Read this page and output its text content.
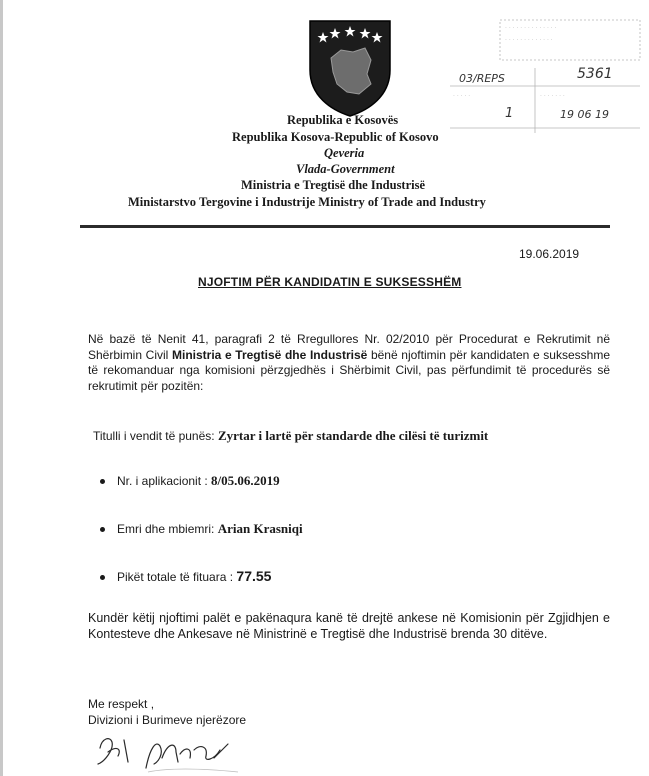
· · · · · · · · · · · · · ·
· · · · · · · · · · · · ·
· · · · ·	· · · · · · ·
03/REPS	5361
1	19 06 19
Republika e Kosovës
Republika Kosova-Republic of Kosovo
Qeveria
Vlada-Government
Ministria e Tregtisë dhe Industrisë
Ministarstvo Tergovine i Industrije Ministry of Trade and Industry
19.06.2019
NJOFTIM PËR KANDIDATIN E SUKSESSHËM
Në bazë të Nenit 41, paragrafi 2 të Rregullores Nr. 02/2010 për Procedurat e Rekrutimit në Shërbimin Civil Ministria e Tregtisë dhe Industrisë bënë njoftimin për kandidaten e suksesshme të rekomanduar nga komisioni përzgjedhës i Shërbimit Civil, pas përfundimit të procedurës së rekrutimit për pozitën:
Titulli i vendit të punës: Zyrtar i lartë për standarde dhe cilësi të turizmit
Nr. i aplikacionit : 8/05.06.2019
Emri dhe mbiemri: Arian Krasniqi
Pikët totale të fituara : 77.55
Kundër këtij njoftimi palët e pakënaqura kanë të drejtë ankese në Komisionin për Zgjidhjen e Kontesteve dhe Ankesave në Ministrinë e Tregtisë dhe Industrisë brenda 30 ditëve.
Me respekt ,
Divizioni i Burimeve njerëzore
